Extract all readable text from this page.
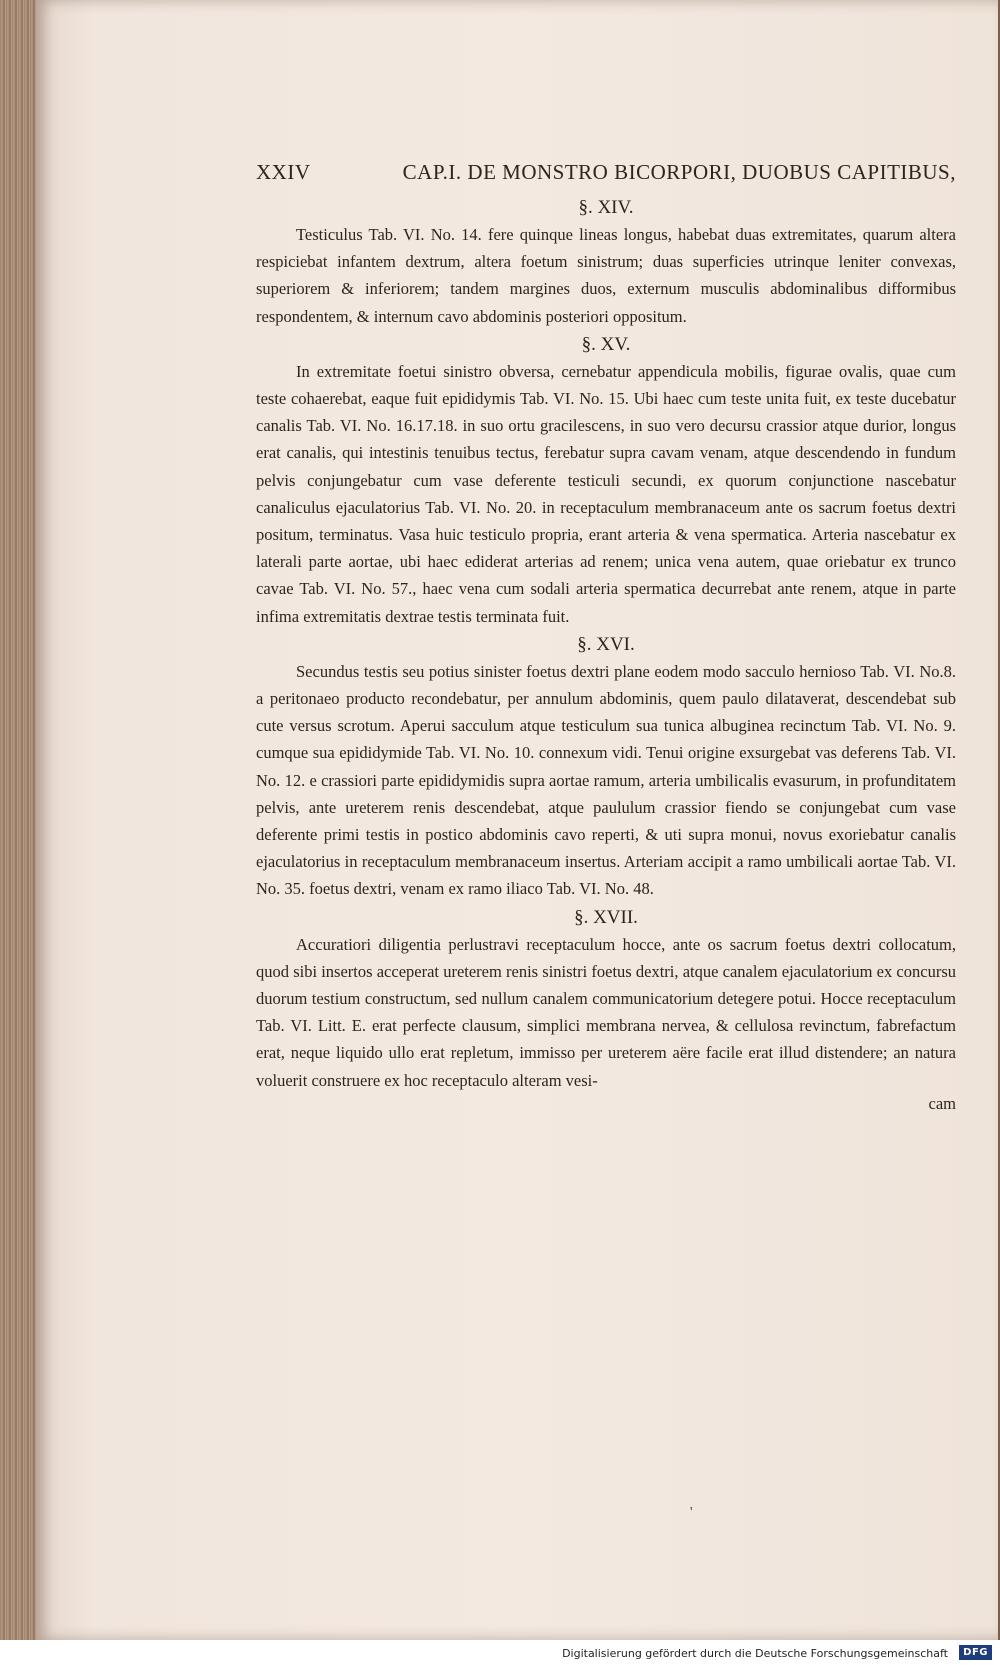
XXIV	CAP.I. DE MONSTRO BICORPORI, DUOBUS CAPITIBUS,
§. XIV.

Testiculus Tab. VI. No. 14. fere quinque lineas longus, habebat duas extremitates, quarum altera respiciebat infantem dextrum, altera foetum sinistrum; duas superficies utrinque leniter convexas, superiorem & inferiorem; tandem margines duos, externum musculis abdominalibus difformibus respondentem, & internum cavo abdominis posteriori oppositum.

§. XV.

In extremitate foetui sinistro obversa, cernebatur appendicula mobilis, figurae ovalis, quae cum teste cohaerebat, eaque fuit epididymis Tab. VI. No. 15. Ubi haec cum teste unita fuit, ex teste ducebatur canalis Tab. VI. No. 16.17.18. in suo ortu gracilescens, in suo vero decursu crassior atque durior, longus erat canalis, qui intestinis tenuibus tectus, ferebatur supra cavam venam, atque descendendo in fundum pelvis conjungebatur cum vase deferente testiculi secundi, ex quorum conjunctione nascebatur canaliculus ejaculatorius Tab. VI. No. 20. in receptaculum membranaceum ante os sacrum foetus dextri positum, terminatus. Vasa huic testiculo propria, erant arteria & vena spermatica. Arteria nascebatur ex laterali parte aortae, ubi haec ediderat arterias ad renem; unica vena autem, quae oriebatur ex trunco cavae Tab. VI. No. 57., haec vena cum sodali arteria spermatica decurrebat ante renem, atque in parte infima extremitatis dextrae testis terminata fuit.

§. XVI.

Secundus testis seu potius sinister foetus dextri plane eodem modo sacculo hernioso Tab. VI. No.8. a peritonaeo producto recondebatur, per annulum abdominis, quem paulo dilataverat, descendebat sub cute versus scrotum. Aperui sacculum atque testiculum sua tunica albuginea recinctum Tab. VI. No. 9. cumque sua epididymide Tab. VI. No. 10. connexum vidi. Tenui origine exsurgebat vas deferens Tab. VI. No. 12. e crassiori parte epididymidis supra aortae ramum, arteria umbilicalis evasurum, in profunditatem pelvis, ante ureterem renis descendebat, atque paululum crassior fiendo se conjungebat cum vase deferente primi testis in postico abdominis cavo reperti, & uti supra monui, novus exoriebatur canalis ejaculatorius in receptaculum membranaceum insertus. Arteriam accipit a ramo umbilicali aortae Tab. VI. No. 35. foetus dextri, venam ex ramo iliaco Tab. VI. No. 48.

§. XVII.

Accuratiori diligentia perlustravi receptaculum hocce, ante os sacrum foetus dextri collocatum, quod sibi insertos acceperat ureterem renis sinistri foetus dextri, atque canalem ejaculatorium ex concursu duorum testium constructum, sed nullum canalem communicatorium detegere potui. Hocce receptaculum Tab. VI. Litt. E. erat perfecte clausum, simplici membrana nervea, & cellulosa revinctum, fabrefactum erat, neque liquido ullo erat repletum, immisso per ureterem aëre facile erat illud distendere; an natura voluerit construere ex hoc receptaculo alteram vesi-

cam
'
Digitalisierung gefördert durch die Deutsche Forschungsgemeinschaft	DFG
